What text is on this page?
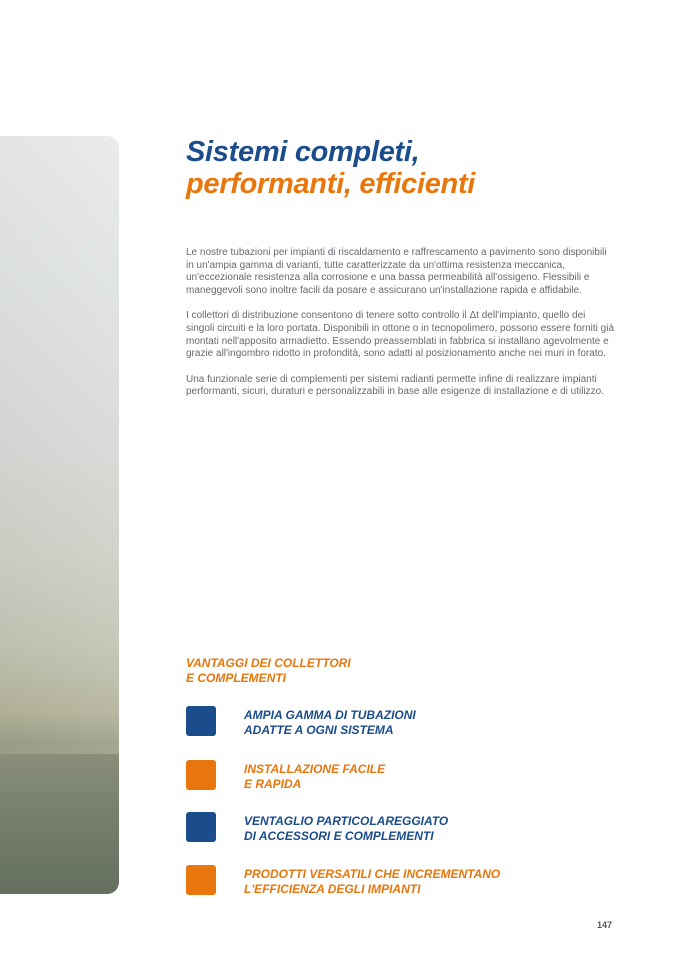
Sistemi completi,
performanti, efficienti

Le nostre tubazioni per impianti di riscaldamento e raffrescamento a pavimento sono disponibili in un'ampia gamma di varianti, tutte caratterizzate da un'ottima resistenza meccanica, un'eccezionale resistenza alla corrosione e una bassa permeabilità all'ossigeno. Flessibili e maneggevoli sono inoltre facili da posare e assicurano un'installazione rapida e affidabile.

I collettori di distribuzione consentono di tenere sotto controllo il Δt dell'impianto, quello dei singoli circuiti e la loro portata. Disponibili in ottone o in tecnopolimero, possono essere forniti già montati nell'apposito armadietto. Essendo preassemblati in fabbrica si installano agevolmente e grazie all'ingombro ridotto in profondità, sono adatti al posizionamento anche nei muri in forato.

Una funzionale serie di complementi per sistemi radianti permette infine di realizzare impianti performanti, sicuri, duraturi e personalizzabili in base alle esigenze di installazione e di utilizzo.

VANTAGGI DEI COLLETTORI
E COMPLEMENTI
AMPIA GAMMA DI TUBAZIONI
ADATTE A OGNI SISTEMA
INSTALLAZIONE FACILE
E RAPIDA
VENTAGLIO PARTICOLAREGGIATO
DI ACCESSORI E COMPLEMENTI
PRODOTTI VERSATILI CHE INCREMENTANO
L'EFFICIENZA DEGLI IMPIANTI
147
